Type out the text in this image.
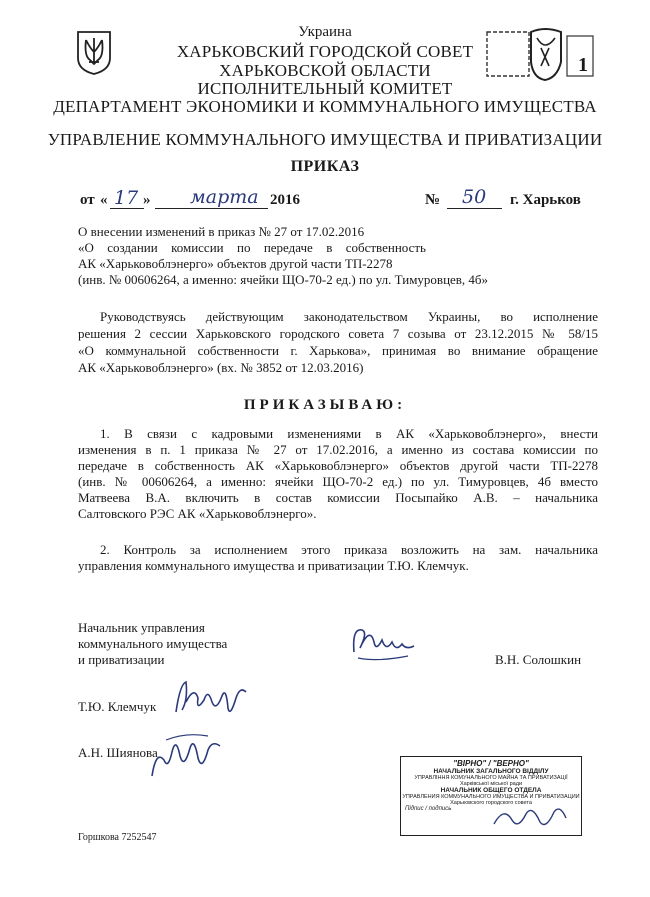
1
Украина
ХАРЬКОВСКИЙ ГОРОДСКОЙ СОВЕТ
ХАРЬКОВСКОЙ ОБЛАСТИ
ИСПОЛНИТЕЛЬНЫЙ КОМИТЕТ
ДЕПАРТАМЕНТ ЭКОНОМИКИ И КОММУНАЛЬНОГО ИМУЩЕСТВА
УПРАВЛЕНИЕ КОММУНАЛЬНОГО ИМУЩЕСТВА И ПРИВАТИЗАЦИИ
ПРИКАЗ
от « 17 » марта 2016	№ 50 г. Харьков
О внесении изменений в приказ № 27 от 17.02.2016
«О создании комиссии по передаче в собственность
АК «Харьковоблэнерго» объектов другой части ТП-2278
(инв. № 00606264, а именно: ячейки ЩО-70-2 ед.) по ул. Тимуровцев, 4б»
Руководствуясь действующим законодательством Украины, во исполнение
решения 2 сессии Харьковского городского совета 7 созыва от 23.12.2015 № 58/15
«О коммунальной собственности г. Харькова», принимая во внимание обращение
АК «Харьковоблэнерго» (вх. № 3852 от 12.03.2016)
ПРИКАЗЫВАЮ:
1. В связи с кадровыми изменениями в АК «Харьковоблэнерго», внести
изменения в п. 1 приказа № 27 от 17.02.2016, а именно из состава комиссии по
передаче в собственность АК «Харьковоблэнерго» объектов другой части ТП-2278
(инв. № 00606264, а именно: ячейки ЩО-70-2 ед.) по ул. Тимуровцев, 4б вместо
Матвеева В.А. включить в состав комиссии Посыпайко А.В. – начальника
Салтовского РЭС АК «Харьковоблэнерго».
2. Контроль за исполнением этого приказа возложить на зам. начальника
управления коммунального имущества и приватизации Т.Ю. Клемчук.
Начальник управления
коммунального имущества
и приватизации	В.Н. Солошкин
Т.Ю. Клемчук
А.Н. Шиянова
"ВІРНО" / "ВЕРНО"
НАЧАЛЬНИК ЗАГАЛЬНОГО ВІДДІЛУ
УПРАВЛІННЯ КОМУНАЛЬНОГО МАЙНА ТА ПРИВАТИЗАЦІЇ
Харківської міської ради
НАЧАЛЬНИК ОБЩЕГО ОТДЕЛА
УПРАВЛЕНИЯ КОММУНАЛЬНОГО ИМУЩЕСТВА И ПРИВАТИЗАЦИИ
Харьковского городского совета
Підпис / подпись
Горшкова 7252547
